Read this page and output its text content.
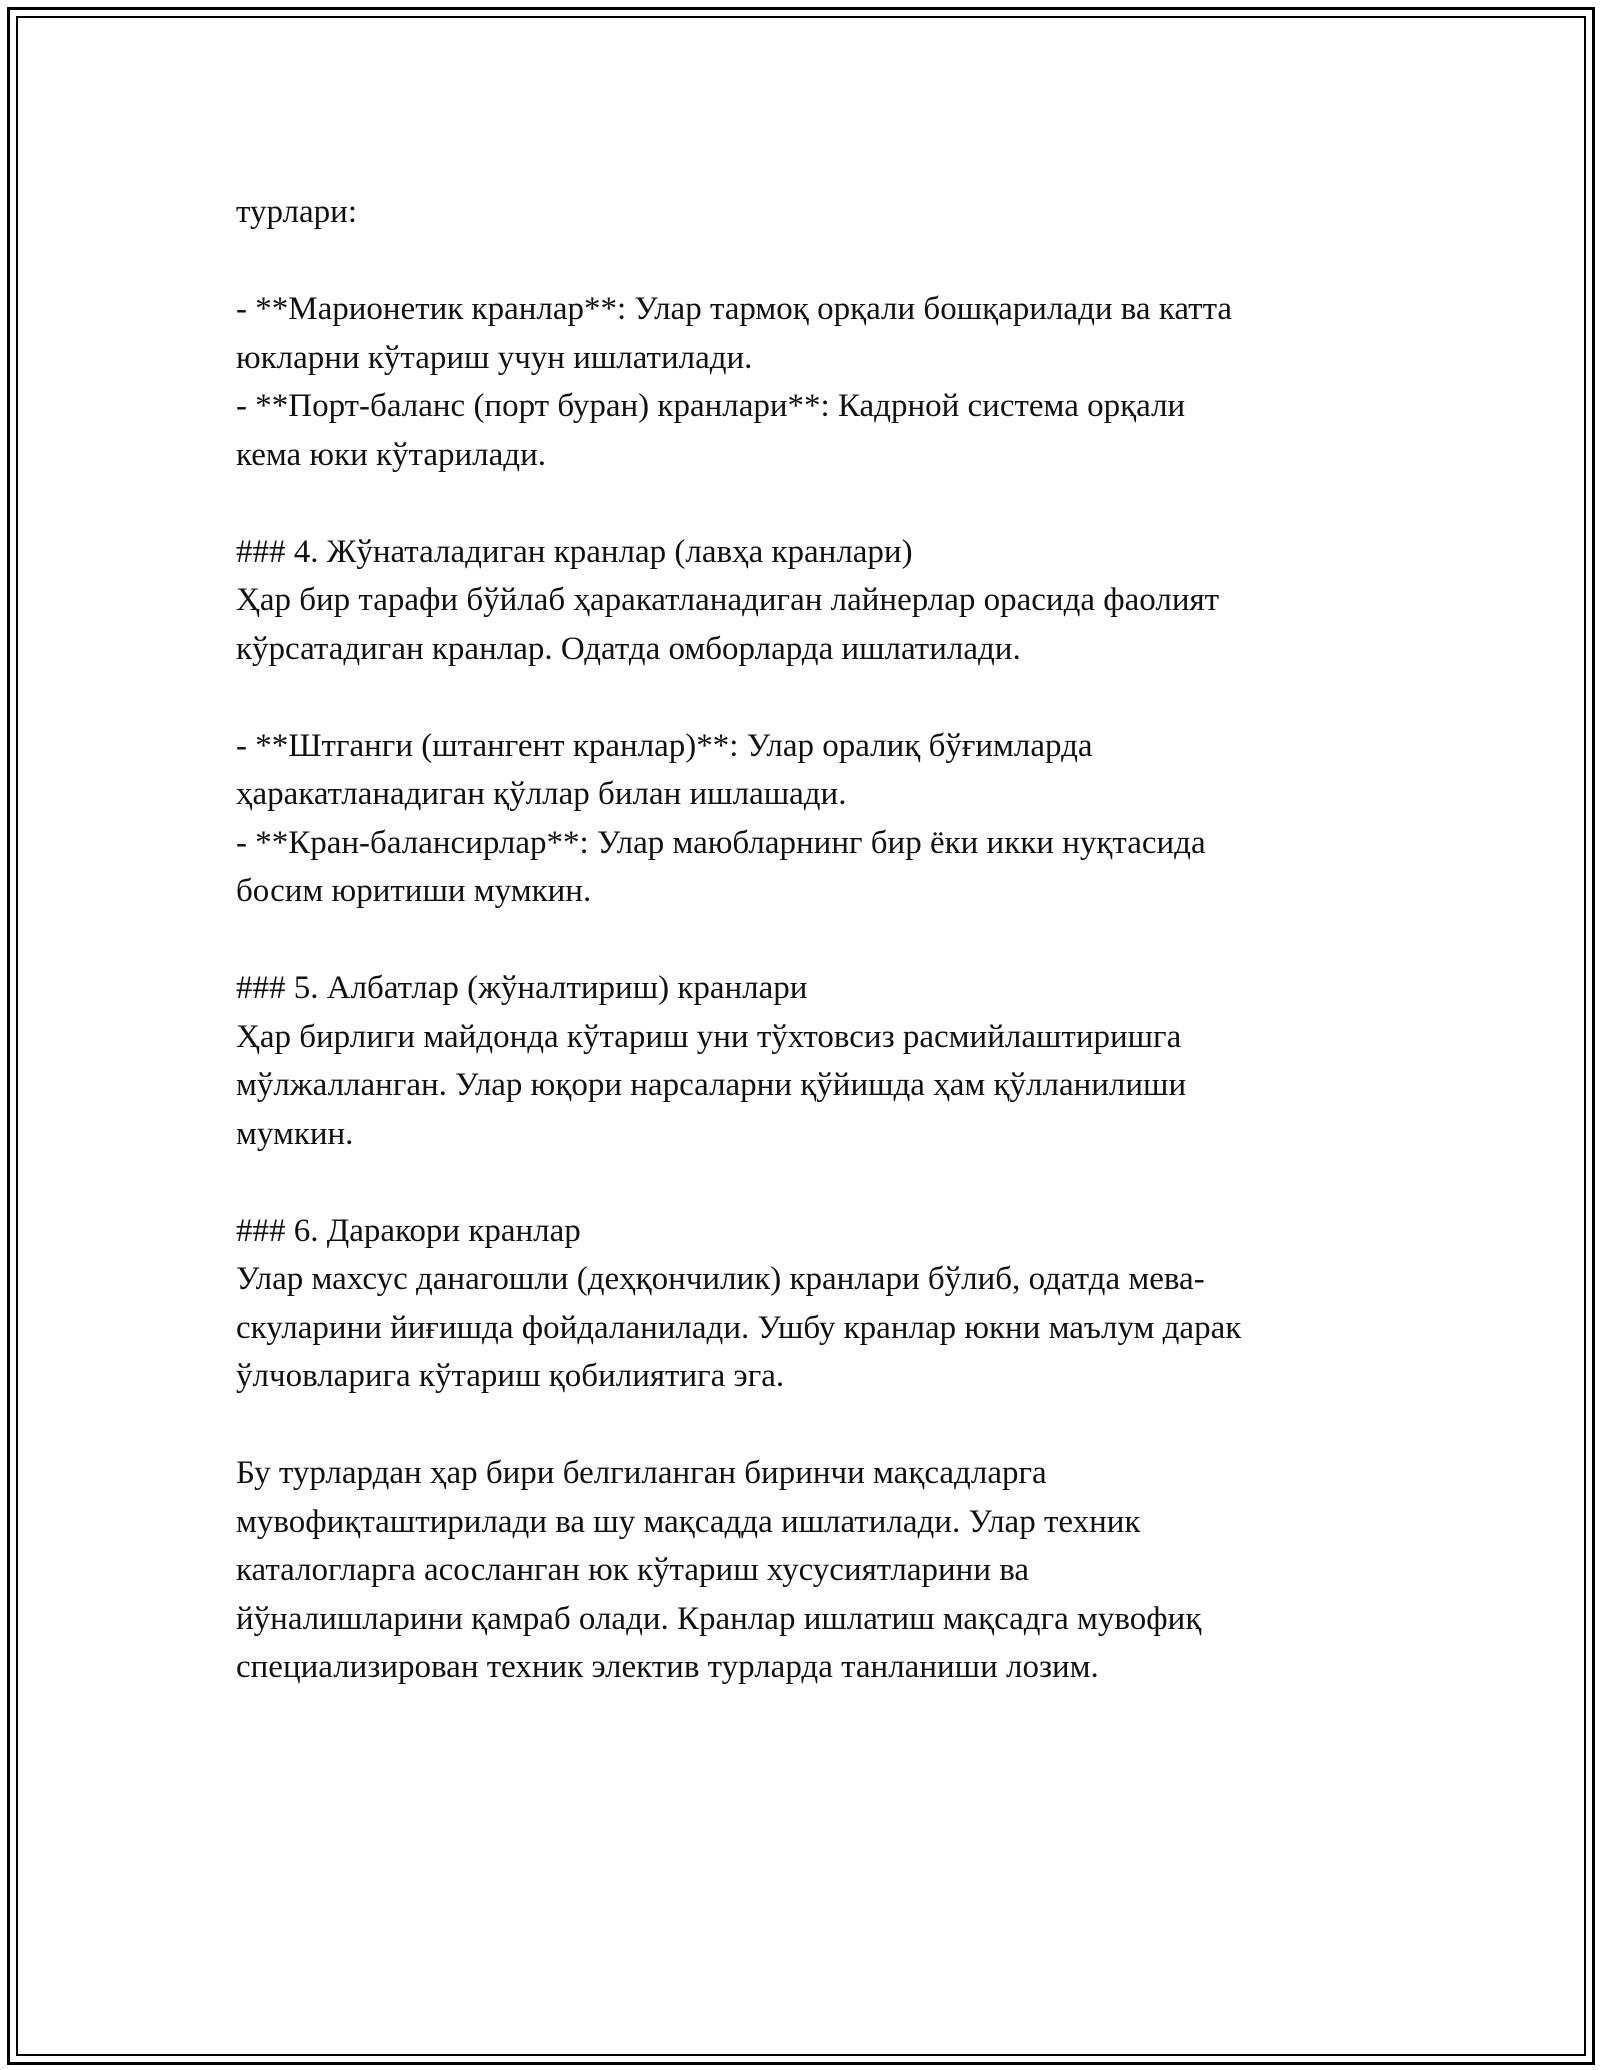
турлари:
- **Марионетик кранлар**: Улар тармоқ орқали бошқарилади ва катта
юкларни кўтариш учун ишлатилади.
- **Порт-баланс (порт буран) кранлари**: Кадрной система орқали
кема юки кўтарилади.
### 4. Жўнаталадиган кранлар (лавҳа кранлари)
Ҳар бир тарафи бўйлаб ҳаракатланадиган лайнерлар орасида фаолият
кўрсатадиган кранлар. Одатда омборларда ишлатилади.
- **Штганги (штангент кранлар)**: Улар оралиқ бўғимларда
ҳаракатланадиган қўллар билан ишлашади.
- **Кран-балансирлар**: Улар маюбларнинг бир ёки икки нуқтасида
босим юритиши мумкин.
### 5. Албатлар (жўналтириш) кранлари
Ҳар бирлиги майдонда кўтариш уни тўхтовсиз расмийлаштиришга
мўлжалланган. Улар юқори нарсаларни қўйишда ҳам қўлланилиши
мумкин.
### 6. Даракори кранлар
Улар махсус данагошли (деҳқончилик) кранлари бўлиб, одатда мева-
скуларини йиғишда фойдаланилади. Ушбу кранлар юкни маълум дарак
ўлчовларига кўтариш қобилиятига эга.
Бу турлардан ҳар бири белгиланган биринчи мақсадларга
мувофиқташтирилади ва шу мақсадда ишлатилади. Улар техник
каталогларга асосланган юк кўтариш хусусиятларини ва
йўналишларини қамраб олади. Кранлар ишлатиш мақсадга мувофиқ
специализирован техник электив турларда танланиши лозим.
